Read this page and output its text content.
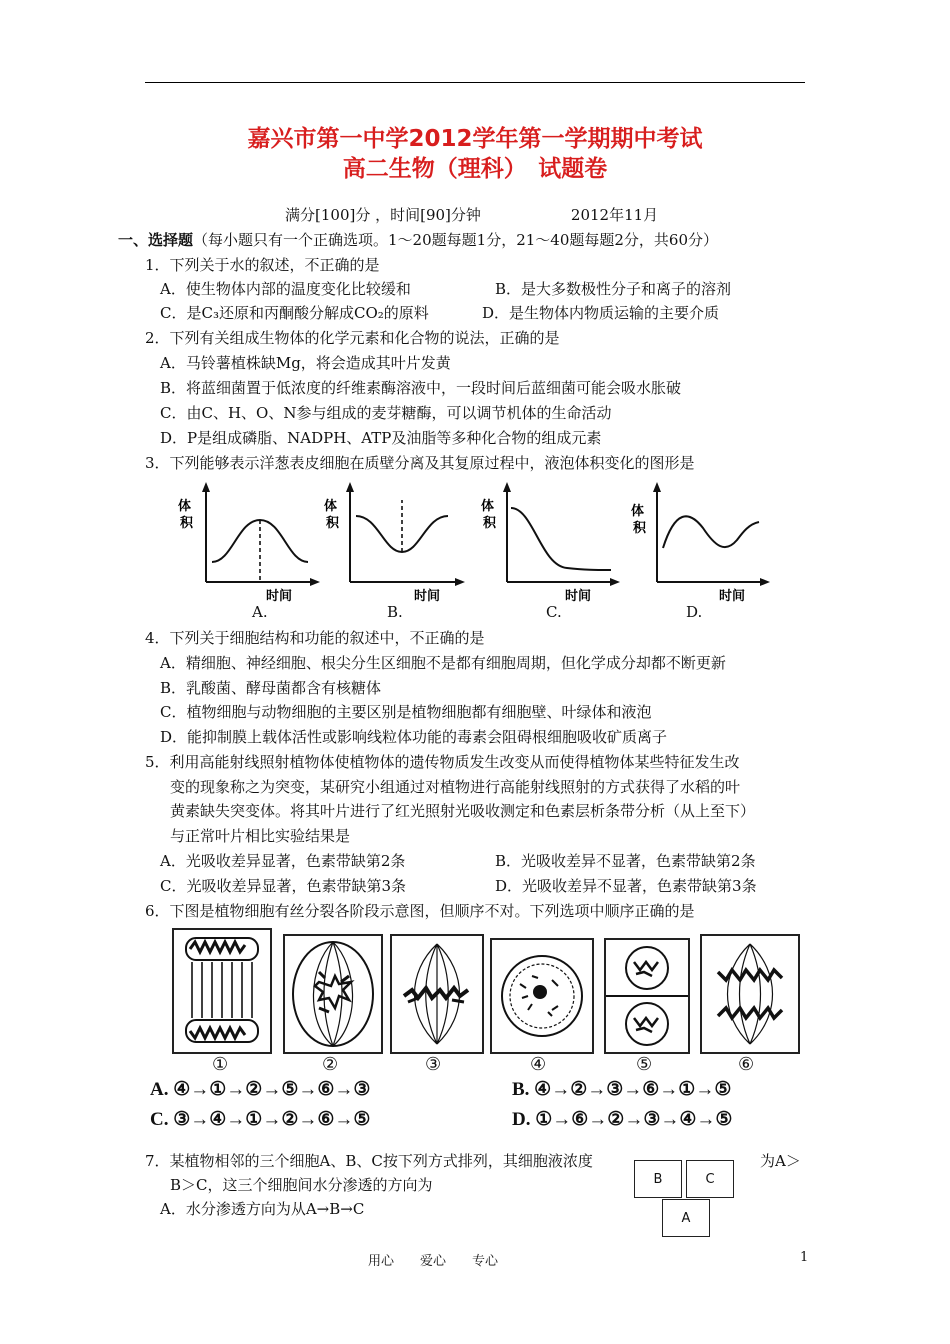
嘉兴市第一中学2012学年第一学期期中考试
高二生物（理科）　试题卷
满分[100]分 ，时间[90]分钟　　　　　　2012年11月
一、选择题（每小题只有一个正确选项。1～20题每题1分，21～40题每题2分，共60分）
1．下列关于水的叙述，不正确的是
A．使生物体内部的温度变化比较缓和	B．是大多数极性分子和离子的溶剂
C．是C₃还原和丙酮酸分解成CO₂的原料	D．是生物体内物质运输的主要介质
2．下列有关组成生物体的化学元素和化合物的说法，正确的是
A．马铃薯植株缺Mg，将会造成其叶片发黄
B．将蓝细菌置于低浓度的纤维素酶溶液中，一段时间后蓝细菌可能会吸水胀破
C．由C、H、O、N参与组成的麦芽糖酶，可以调节机体的生命活动
D．P是组成磷脂、NADPH、ATP及油脂等多种化合物的组成元素
3．下列能够表示洋葱表皮细胞在质壁分离及其复原过程中，液泡体积变化的图形是
体
积
时间
体
积
时间
体
积
时间
体
积
时间
A.	B.	C.	D.
4．下列关于细胞结构和功能的叙述中，不正确的是
A．精细胞、神经细胞、根尖分生区细胞不是都有细胞周期，但化学成分却都不断更新
B．乳酸菌、酵母菌都含有核糖体
C．植物细胞与动物细胞的主要区别是植物细胞都有细胞壁、叶绿体和液泡
D．能抑制膜上载体活性或影响线粒体功能的毒素会阻碍根细胞吸收矿质离子
5．利用高能射线照射植物体使植物体的遗传物质发生改变从而使得植物体某些特征发生改
变的现象称之为突变，某研究小组通过对植物进行高能射线照射的方式获得了水稻的叶
黄素缺失突变体。将其叶片进行了红光照射光吸收测定和色素层析条带分析（从上至下）
与正常叶片相比实验结果是
A．光吸收差异显著，色素带缺第2条	B．光吸收差异不显著，色素带缺第2条
C．光吸收差异显著，色素带缺第3条	D．光吸收差异不显著，色素带缺第3条
6．下图是植物细胞有丝分裂各阶段示意图，但顺序不对。下列选项中顺序正确的是
①	②	③	④	⑤	⑥
A. ④→①→②→⑤→⑥→③	B. ④→②→③→⑥→①→⑤
C. ③→④→①→②→⑥→⑤	D. ①→⑥→②→③→④→⑤
7．某植物相邻的三个细胞A、B、C按下列方式排列，其细胞液浓度	为A＞
B＞C，这三个细胞间水分渗透的方向为
A．水分渗透方向为从A→B→C
B	C
A
用心　　爱心　　专心	1
